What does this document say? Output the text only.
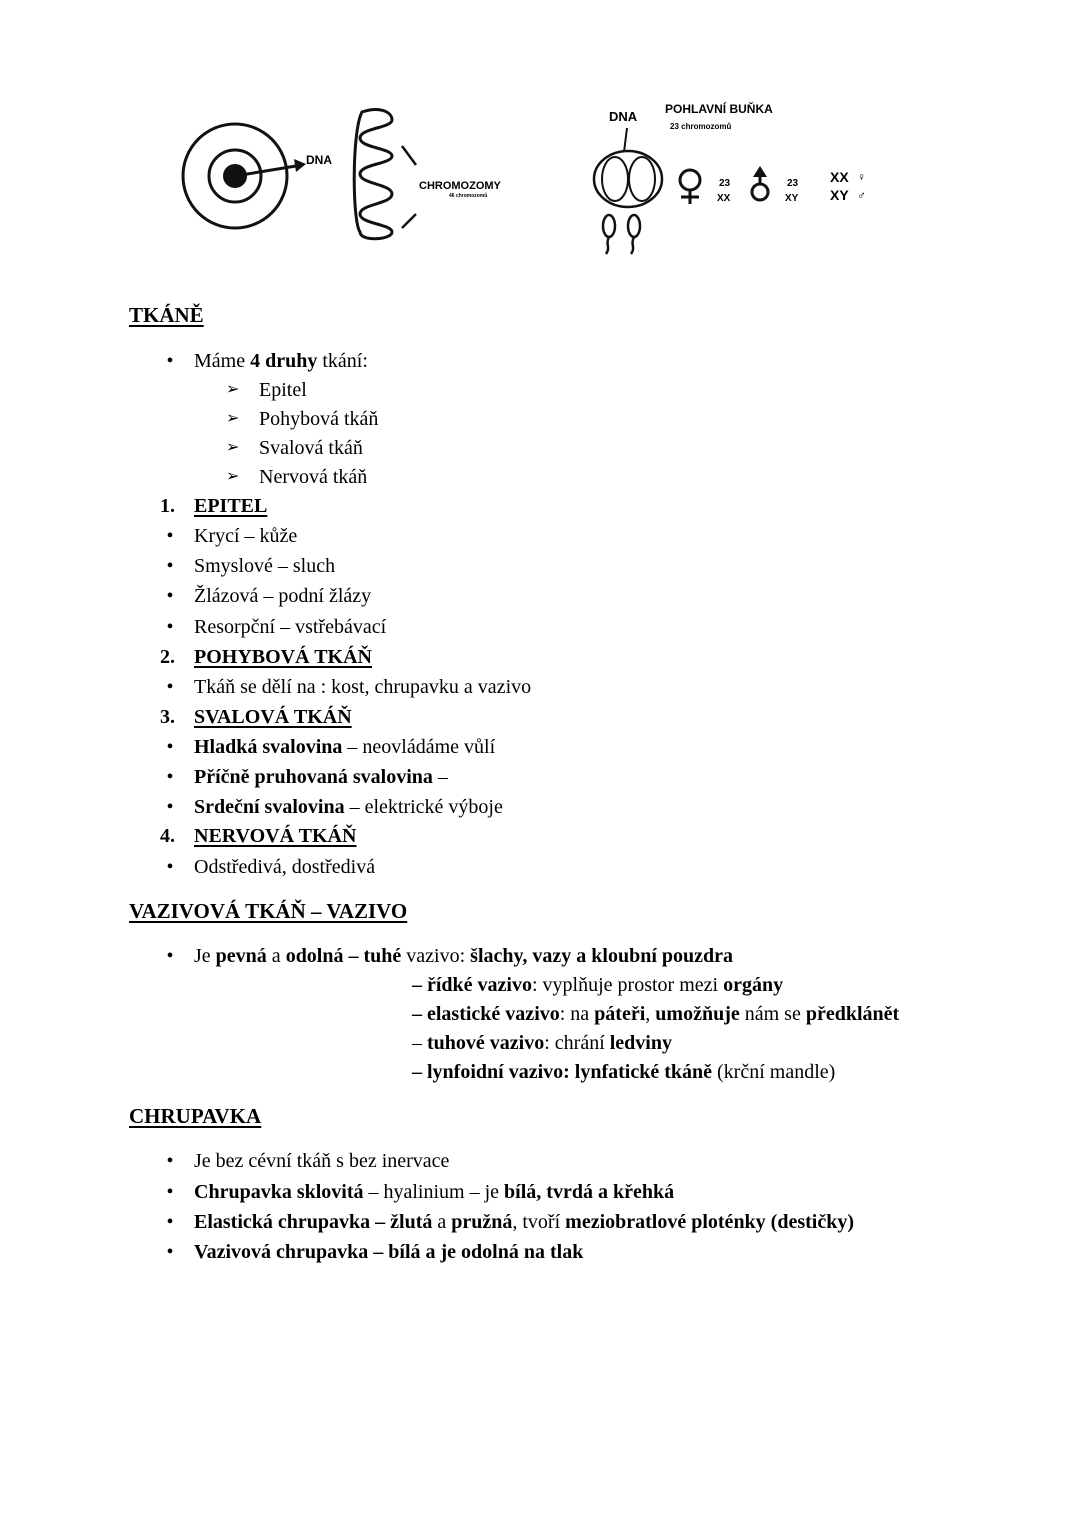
DNA
CHROMOZOMY
46 chromozomů
DNA POHLAVNÍ BUŇKA
23 chromozomů
23
XX
23
XY
XX
XY
♀
♂
TKÁNĚ
• Máme 4 druhy tkání:
➢ Epitel
➢ Pohybová tkáň
➢ Svalová tkáň
➢ Nervová tkáň
1. EPITEL
• Krycí – kůže
• Smyslové – sluch
• Žlázová – podní žlázy
• Resorpční – vstřebávací
2. POHYBOVÁ TKÁŇ
• Tkáň se dělí na : kost, chrupavku a vazivo
3. SVALOVÁ TKÁŇ
• Hladká svalovina – neovládáme vůlí
• Příčně pruhovaná svalovina –
• Srdeční svalovina – elektrické výboje
4. NERVOVÁ TKÁŇ
• Odstředivá, dostředivá
VAZIVOVÁ TKÁŇ – VAZIVO
• Je pevná a odolná – tuhé vazivo: šlachy, vazy a kloubní pouzdra
– řídké vazivo: vyplňuje prostor mezi orgány
– elastické vazivo: na páteři, umožňuje nám se předklánět
– tuhové vazivo: chrání ledviny
– lynfoidní vazivo: lynfatické tkáně (krční mandle)
CHRUPAVKA
• Je bez cévní tkáň s bez inervace
• Chrupavka sklovitá – hyalinium – je bílá, tvrdá a křehká
• Elastická chrupavka – žlutá a pružná, tvoří meziobratlové ploténky (destičky)
• Vazivová chrupavka – bílá a je odolná na tlak
